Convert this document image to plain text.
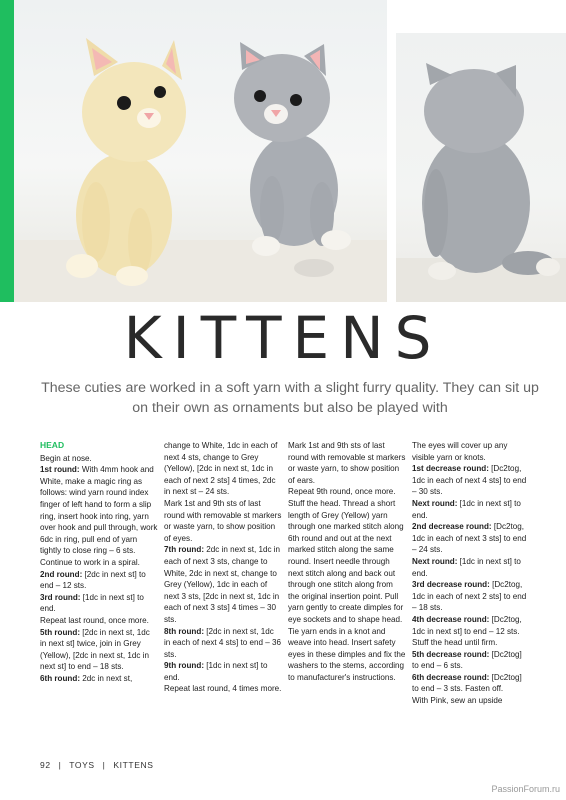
KITTENS
These cuties are worked in a soft yarn with a slight furry quality. They can sit up on their own as ornaments but also be played with

HEAD

Begin at nose.

1st round: With 4mm hook and White, make a magic ring as follows: wind yarn round index finger of left hand to form a slip ring, insert hook into ring, yarn over hook and pull through, work 6dc in ring, pull end of yarn tightly to close ring – 6 sts.

Continue to work in a spiral.

2nd round: [2dc in next st] to end – 12 sts.

3rd round: [1dc in next st] to end.

Repeat last round, once more.

5th round: [2dc in next st, 1dc in next st] twice, join in Grey (Yellow), [2dc in next st, 1dc in next st] to end – 18 sts.

6th round: 2dc in next st,

change to White, 1dc in each of next 4 sts, change to Grey (Yellow), [2dc in next st, 1dc in each of next 2 sts] 4 times, 2dc in next st – 24 sts.

Mark 1st and 9th sts of last round with removable st markers or waste yarn, to show position of eyes.

7th round: 2dc in next st, 1dc in each of next 3 sts, change to White, 2dc in next st, change to Grey (Yellow), 1dc in each of next 3 sts, [2dc in next st, 1dc in each of next 3 sts] 4 times – 30 sts.

8th round: [2dc in next st, 1dc in each of next 4 sts] to end – 36 sts.

9th round: [1dc in next st] to end.

Repeat last round, 4 times more.

Mark 1st and 9th sts of last round with removable st markers or waste yarn, to show position of ears.

Repeat 9th round, once more.

Stuff the head. Thread a short length of Grey (Yellow) yarn through one marked stitch along 6th round and out at the next marked stitch along the same round. Insert needle through next stitch along and back out through one stitch along from the original insertion point. Pull yarn gently to create dimples for eye sockets and to shape head. Tie yarn ends in a knot and weave into head. Insert safety eyes in these dimples and fix the washers to the stems, according to manufacturer's instructions.

The eyes will cover up any visible yarn or knots.

1st decrease round: [Dc2tog, 1dc in each of next 4 sts] to end – 30 sts.

Next round: [1dc in next st] to end.

2nd decrease round: [Dc2tog, 1dc in each of next 3 sts] to end – 24 sts.

Next round: [1dc in next st] to end.

3rd decrease round: [Dc2tog, 1dc in each of next 2 sts] to end – 18 sts.

4th decrease round: [Dc2tog, 1dc in next st] to end – 12 sts.

Stuff the head until firm.

5th decrease round: [Dc2tog] to end – 6 sts.

6th decrease round: [Dc2tog] to end – 3 sts. Fasten off.

With Pink, sew an upside

92 | TOYS | KITTENS
PassionForum.ru
